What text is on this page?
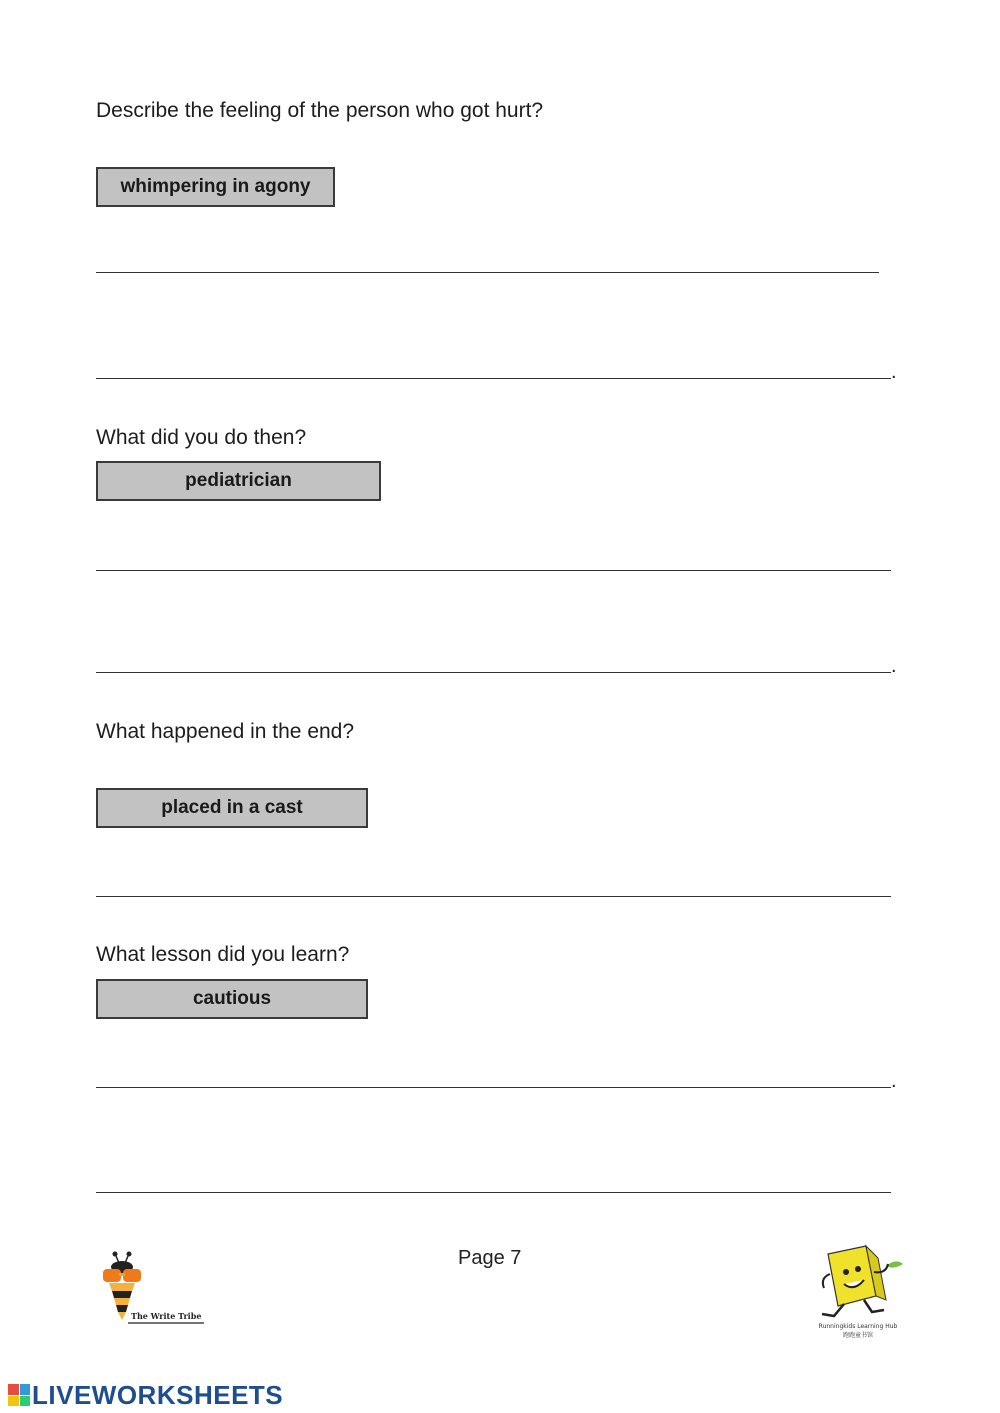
Describe the feeling of the person who got hurt?
whimpering in agony
.
What did you do then?
pediatrician
.
What happened in the end?
placed in a cast
What lesson did you learn?
cautious
.
Page 7
The Write Tribe
Runningkids Learning Hub
跑跑童书馆
LIVEWORKSHEETS
